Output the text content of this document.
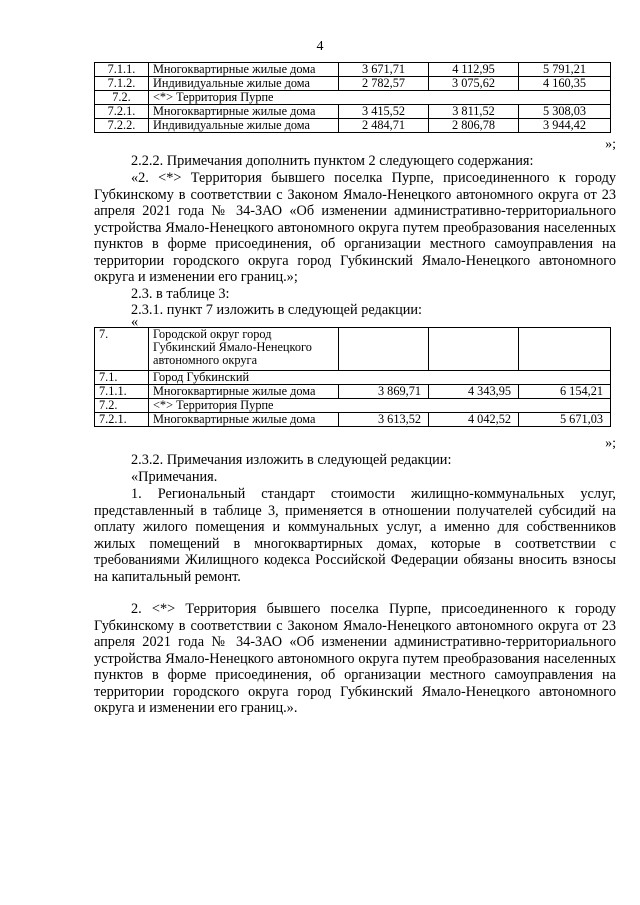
4
7.1.1.	Многоквартирные жилые дома	3 671,71	4 112,95	5 791,21
7.1.2.	Индивидуальные жилые дома	2 782,57	3 075,62	4 160,35
7.2.	<*> Территория Пурпе			
7.2.1.	Многоквартирные жилые дома	3 415,52	3 811,52	5 308,03
7.2.2.	Индивидуальные жилые дома	2 484,71	2 806,78	3 944,42
»;

2.2.2. Примечания дополнить пунктом 2 следующего содержания:

«2. <*> Территория бывшего поселка Пурпе, присоединенного к городу Губкинскому в соответствии с Законом Ямало-Ненецкого автономного округа от 23 апреля 2021 года № 34-ЗАО «Об изменении административно-территориального устройства Ямало-Ненецкого автономного округа путем преобразования населенных пунктов в форме присоединения, об организации местного самоуправления на территории городского округа город Губкинский Ямало-Ненецкого автономного округа и изменении его границ.»;

2.3. в таблице 3:

2.3.1. пункт 7 изложить в следующей редакции:

«
7.	Городской округ город Губкинский Ямало-Ненецкого автономного округа			
7.1.	Город Губкинский			
7.1.1.	Многоквартирные жилые дома	3 869,71	4 343,95	6 154,21
7.2.	<*> Территория Пурпе			
7.2.1.	Многоквартирные жилые дома	3 613,52	4 042,52	5 671,03
»;

2.3.2. Примечания изложить в следующей редакции:

«Примечания.

1. Региональный стандарт стоимости жилищно-коммунальных услуг, представленный в таблице 3, применяется в отношении получателей субсидий на оплату жилого помещения и коммунальных услуг, а именно для собственников жилых помещений в многоквартирных домах, которые в соответствии с требованиями Жилищного кодекса Российской Федерации обязаны вносить взносы на капитальный ремонт.

2. <*> Территория бывшего поселка Пурпе, присоединенного к городу Губкинскому в соответствии с Законом Ямало-Ненецкого автономного округа от 23 апреля 2021 года № 34-ЗАО «Об изменении административно-территориального устройства Ямало-Ненецкого автономного округа путем преобразования населенных пунктов в форме присоединения, об организации местного самоуправления на территории городского округа город Губкинский Ямало-Ненецкого автономного округа и изменении его границ.».
